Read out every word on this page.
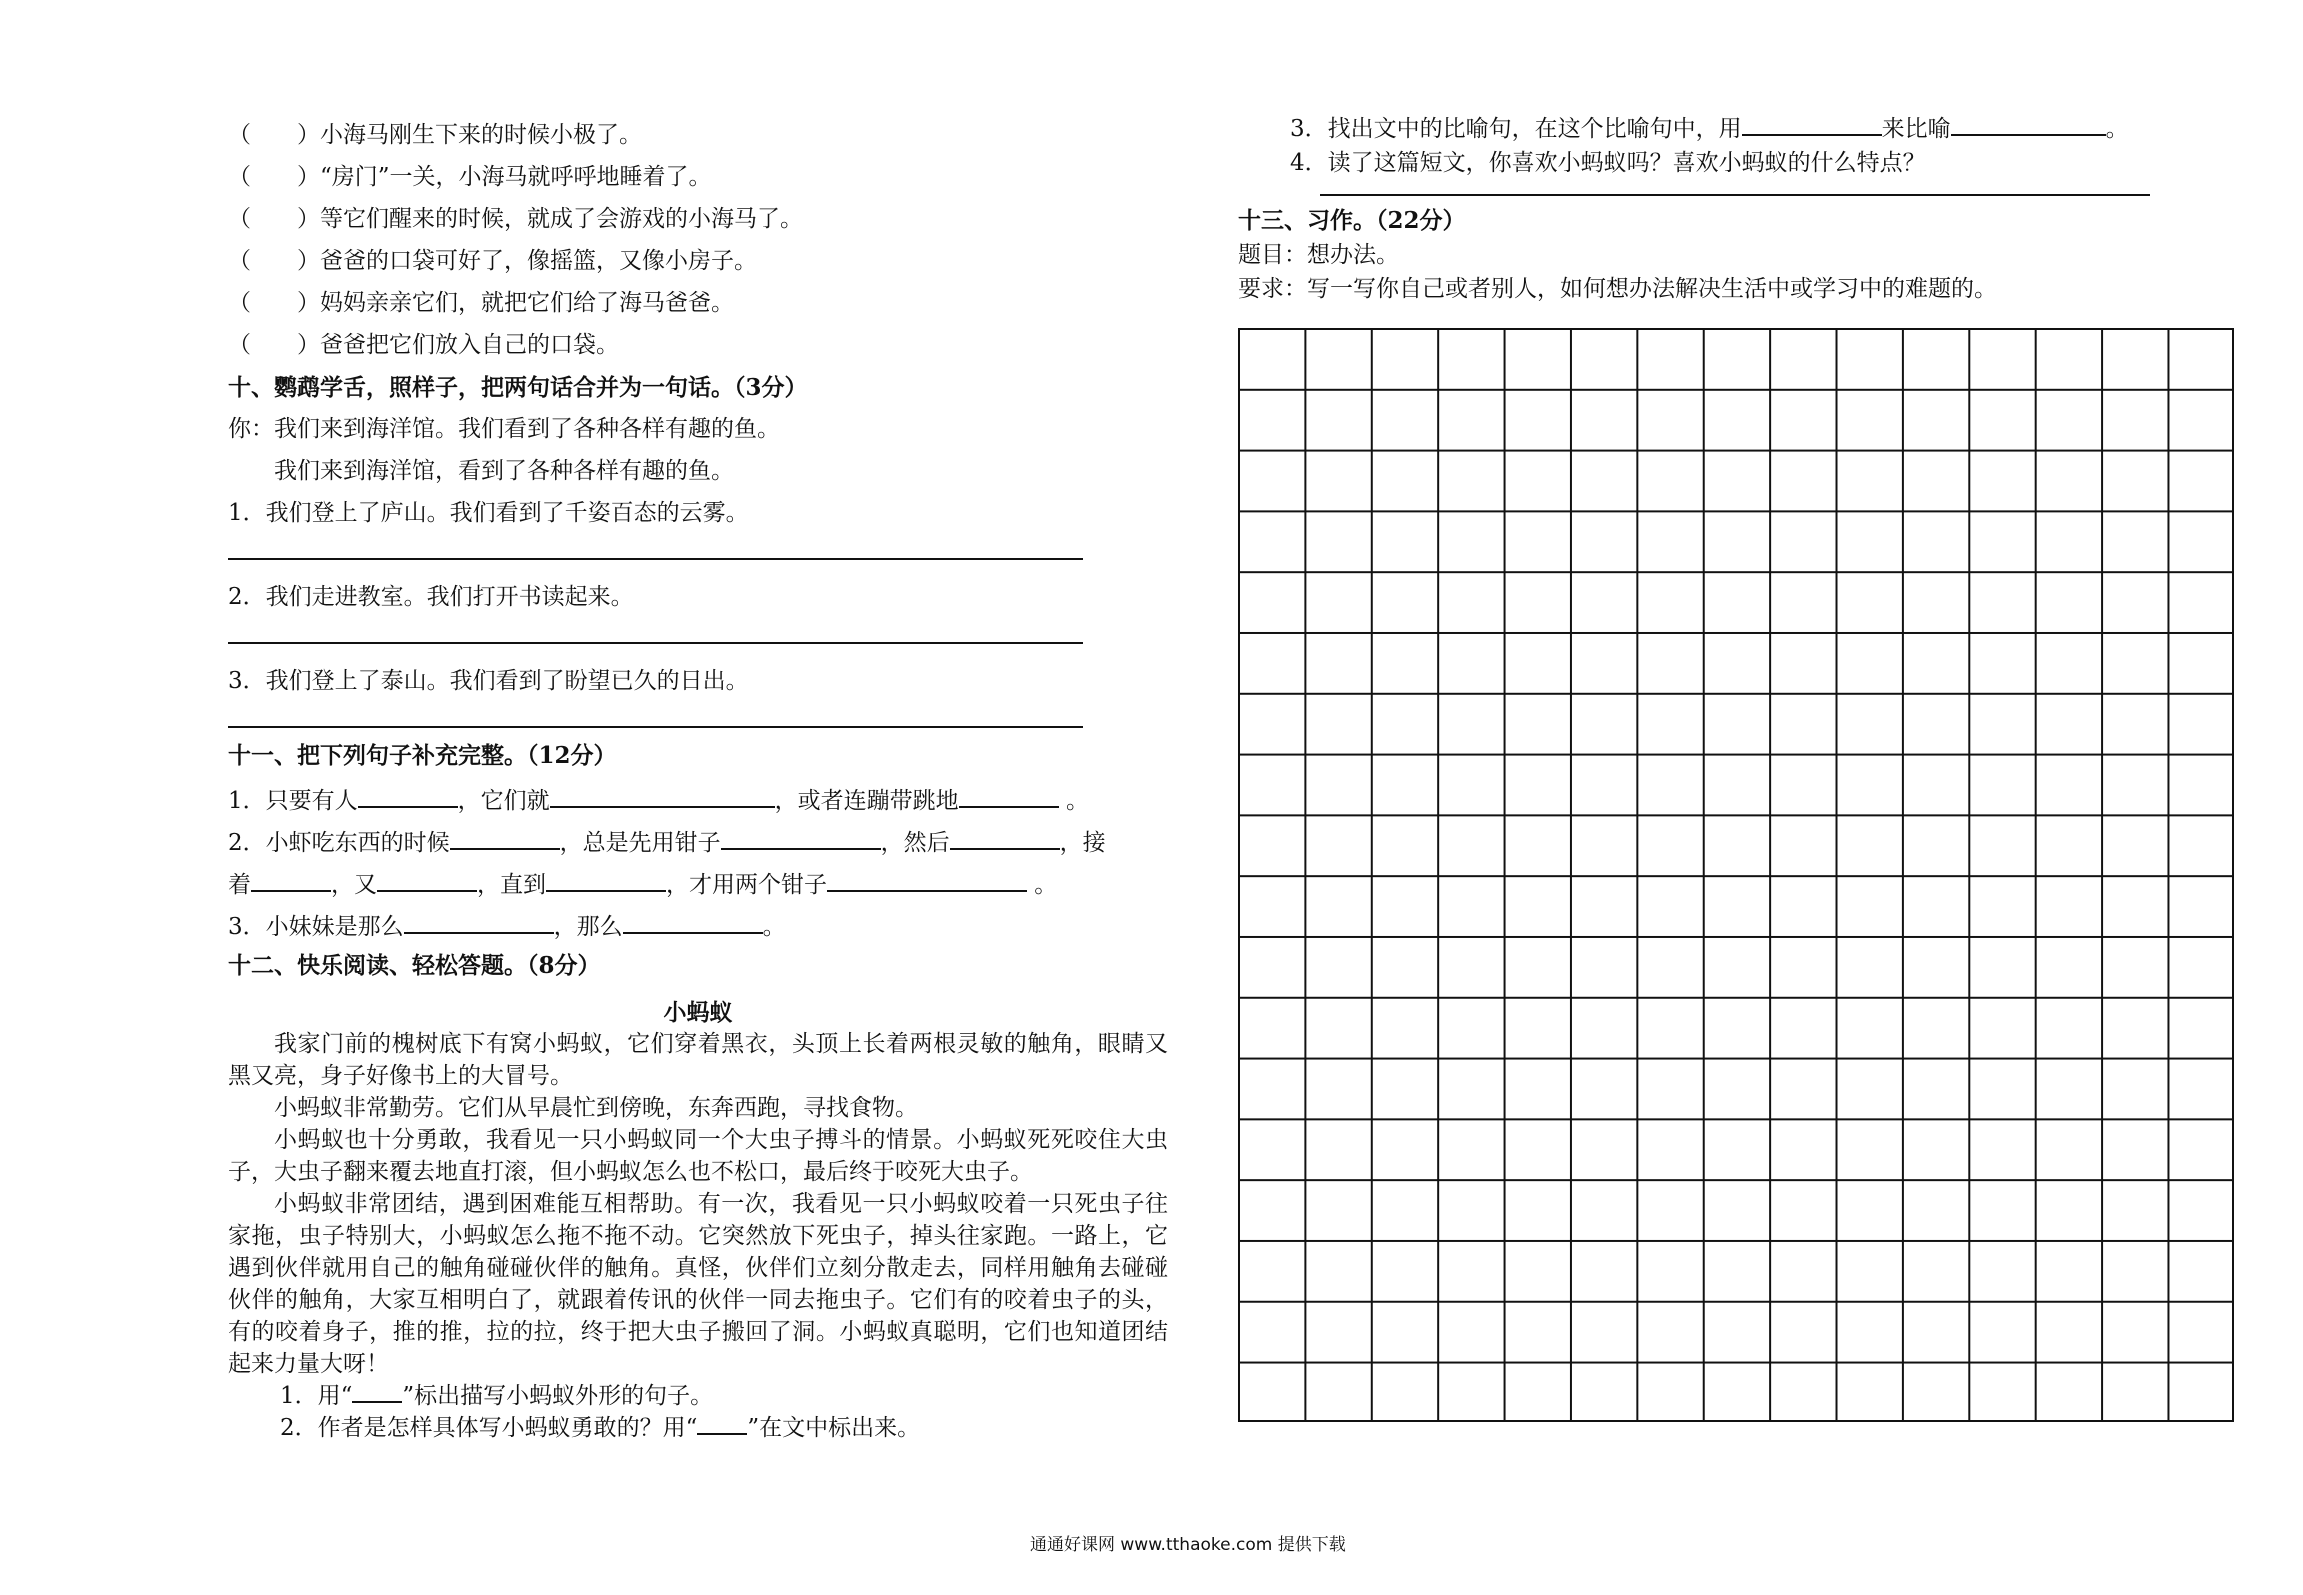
（　　）小海马刚生下来的时候小极了。
（　　）“房门”一关，小海马就呼呼地睡着了。
（　　）等它们醒来的时候，就成了会游戏的小海马了。
（　　）爸爸的口袋可好了，像摇篮，又像小房子。
（　　）妈妈亲亲它们，就把它们给了海马爸爸。
（　　）爸爸把它们放入自己的口袋。
十、鹦鹉学舌，照样子，把两句话合并为一句话。（3分）
你：我们来到海洋馆。我们看到了各种各样有趣的鱼。
我们来到海洋馆，看到了各种各样有趣的鱼。
1．我们登上了庐山。我们看到了千姿百态的云雾。
2．我们走进教室。我们打开书读起来。
3．我们登上了泰山。我们看到了盼望已久的日出。
十一、把下列句子补充完整。（12分）
1．只要有人	，它们就	，或者连蹦带跳地	。
2．小虾吃东西的时候	，总是先用钳子	，然后	，接
着	，又	，直到	，才用两个钳子	。
3．小妹妹是那么	，那么	。
十二、快乐阅读、轻松答题。（8分）
小蚂蚁

我家门前的槐树底下有窝小蚂蚁，它们穿着黑衣，头顶上长着两根灵敏的触角，眼睛又黑又亮，身子好像书上的大冒号。

小蚂蚁非常勤劳。它们从早晨忙到傍晚，东奔西跑，寻找食物。

小蚂蚁也十分勇敢，我看见一只小蚂蚁同一个大虫子搏斗的情景。小蚂蚁死死咬住大虫子，大虫子翻来覆去地直打滚，但小蚂蚁怎么也不松口，最后终于咬死大虫子。

小蚂蚁非常团结，遇到困难能互相帮助。有一次，我看见一只小蚂蚁咬着一只死虫子往家拖，虫子特别大，小蚂蚁怎么拖不拖不动。它突然放下死虫子，掉头往家跑。一路上，它遇到伙伴就用自己的触角碰碰伙伴的触角。真怪，伙伴们立刻分散走去，同样用触角去碰碰伙伴的触角，大家互相明白了，就跟着传讯的伙伴一同去拖虫子。它们有的咬着虫子的头，有的咬着身子，推的推，拉的拉，终于把大虫子搬回了洞。小蚂蚁真聪明，它们也知道团结起来力量大呀！

1．用“ ”标出描写小蚂蚁外形的句子。
2．作者是怎样具体写小蚂蚁勇敢的？用“ ”在文中标出来。
3．找出文中的比喻句，在这个比喻句中，用	来比喻	。
4．读了这篇短文，你喜欢小蚂蚁吗？喜欢小蚂蚁的什么特点？
十三、习作。（22分）
题目：想办法。
要求：写一写你自己或者别人，如何想办法解决生活中或学习中的难题的。
通通好课网 www.tthaoke.com 提供下载
